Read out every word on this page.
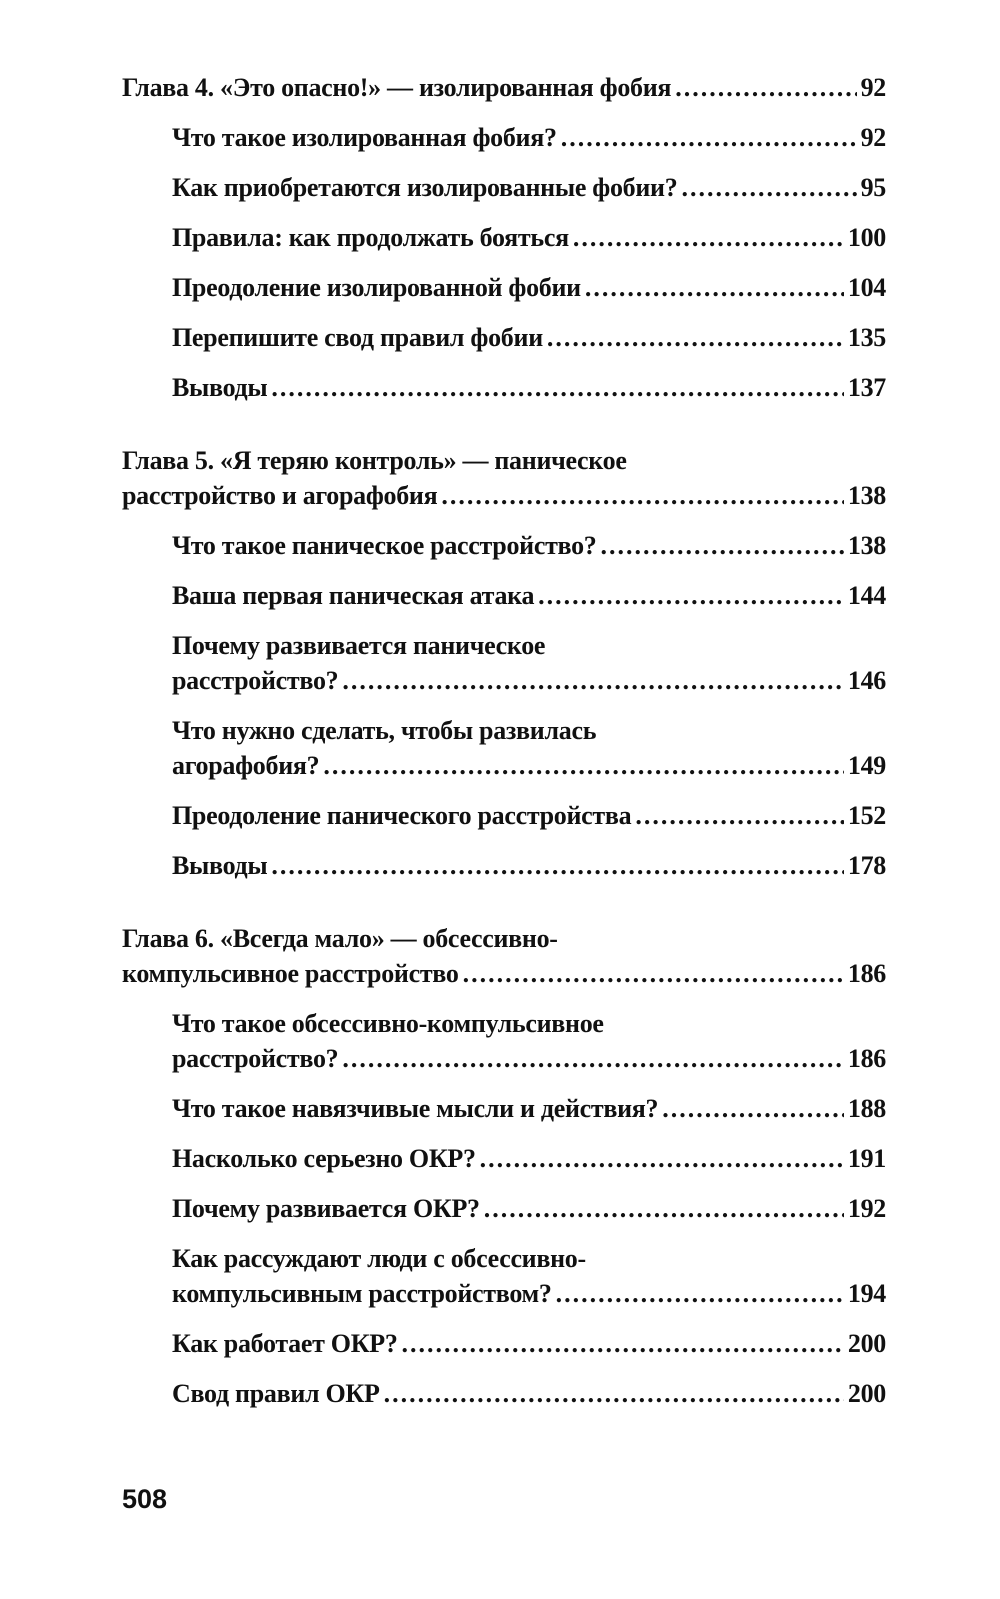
Глава 4. «Это опасно!» — изолированная фобия .....	92
Что такое изолированная фобия? .....	92
Как приобретаются изолированные фобии? .....	95
Правила: как продолжать бояться .....	100
Преодоление изолированной фобии .....	104
Перепишите свод правил фобии .....	135
Выводы .....	137
Глава 5. «Я теряю контроль» — паническое
расстройство и агорафобия .....	138
Что такое паническое расстройство? .....	138
Ваша первая паническая атака .....	144
Почему развивается паническое
расстройство? .....	146
Что нужно сделать, чтобы развилась
агорафобия? .....	149
Преодоление панического расстройства .....	152
Выводы .....	178
Глава 6. «Всегда мало» — обсессивно-
компульсивное расстройство .....	186
Что такое обсессивно-компульсивное
расстройство? .....	186
Что такое навязчивые мысли и действия? .....	188
Насколько серьезно ОКР? .....	191
Почему развивается ОКР? .....	192
Как рассуждают люди с обсессивно-
компульсивным расстройством? .....	194
Как работает ОКР? .....	200
Свод правил ОКР .....	200
508
